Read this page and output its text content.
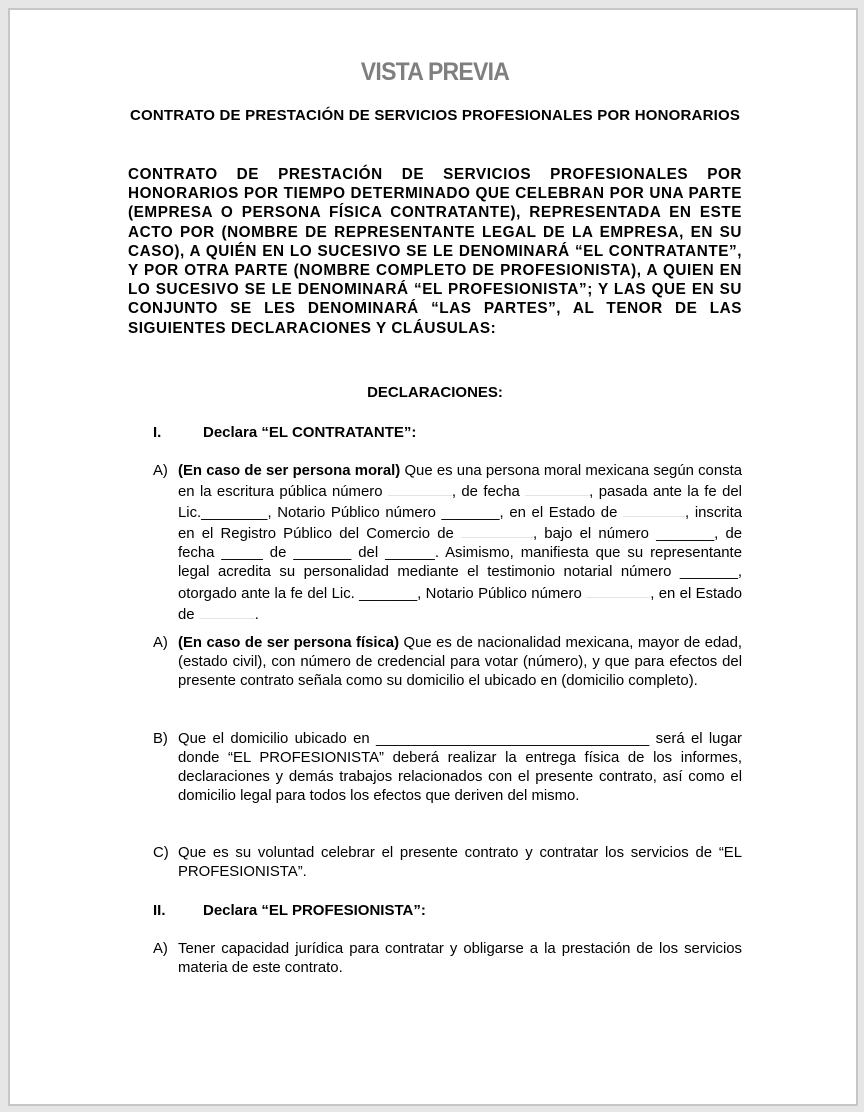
VISTA PREVIA
CONTRATO DE PRESTACIÓN DE SERVICIOS PROFESIONALES POR HONORARIOS
CONTRATO DE PRESTACIÓN DE SERVICIOS PROFESIONALES POR HONORARIOS POR TIEMPO DETERMINADO QUE CELEBRAN POR UNA PARTE (EMPRESA O PERSONA FÍSICA CONTRATANTE), REPRESENTADA EN ESTE ACTO POR (NOMBRE DE REPRESENTANTE LEGAL DE LA EMPRESA, EN SU CASO), A QUIÉN EN LO SUCESIVO SE LE DENOMINARÁ “EL CONTRATANTE”, Y POR OTRA PARTE (NOMBRE COMPLETO DE PROFESIONISTA), A QUIEN EN LO SUCESIVO SE LE DENOMINARÁ “EL PROFESIONISTA”; Y LAS QUE EN SU CONJUNTO SE LES DENOMINARÁ “LAS PARTES”, AL TENOR DE LAS SIGUIENTES DECLARACIONES Y CLÁUSULAS:
DECLARACIONES:
I.	Declara “EL CONTRATANTE”:
A) (En caso de ser persona moral) Que es una persona moral mexicana según consta en la escritura pública número	, de fecha	, pasada ante la fe del Lic.________, Notario Público número _______, en el Estado de	, inscrita en el Registro Público del Comercio de	, bajo el número _______, de fecha _____ de _______ del ______. Asimismo, manifiesta que su representante legal acredita su personalidad mediante el testimonio notarial número _______, otorgado ante la fe del Lic. _______, Notario Público número	, en el Estado de	.
A) (En caso de ser persona física) Que es de nacionalidad mexicana, mayor de edad, (estado civil), con número de credencial para votar (número), y que para efectos del presente contrato señala como su domicilio el ubicado en (domicilio completo).
B) Que el domicilio ubicado en _________________________________ será el lugar donde “EL PROFESIONISTA” deberá realizar la entrega física de los informes, declaraciones y demás trabajos relacionados con el presente contrato, así como el domicilio legal para todos los efectos que deriven del mismo.
C) Que es su voluntad celebrar el presente contrato y contratar los servicios de “EL PROFESIONISTA”.
II. Declara “EL PROFESIONISTA”:
A) Tener capacidad jurídica para contratar y obligarse a la prestación de los servicios materia de este contrato.
